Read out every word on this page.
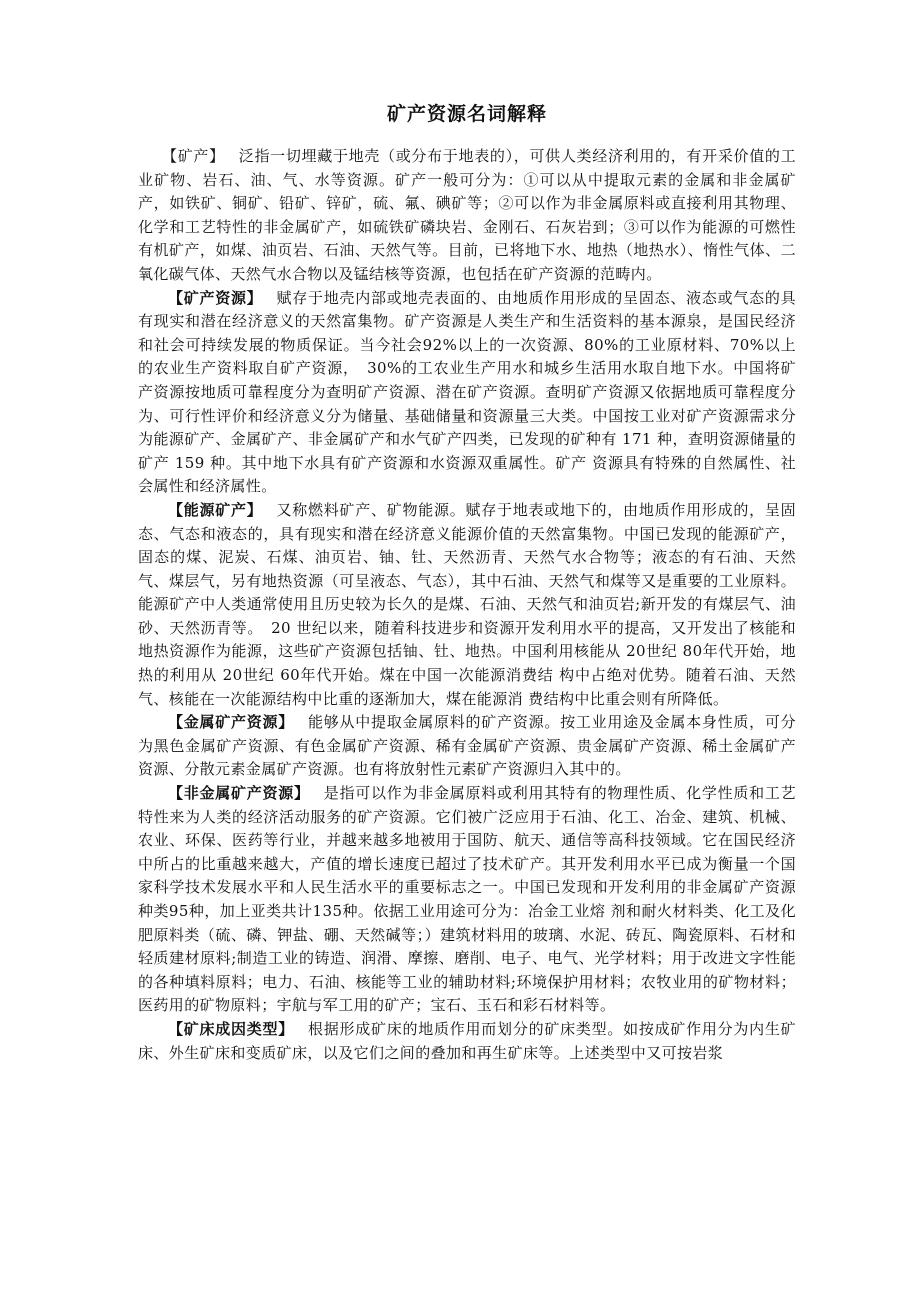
矿产资源名词解释

【矿产】 泛指一切埋藏于地壳（或分布于地表的），可供人类经济利用的，有开采价值的工业矿物、岩石、油、气、水等资源。矿产一般可分为：①可以从中提取元素的金属和非金属矿产，如铁矿、铜矿、铅矿、锌矿，硫、氟、碘矿等；②可以作为非金属原料或直接利用其物理、化学和工艺特性的非金属矿产，如硫铁矿磷块岩、金刚石、石灰岩到；③可以作为能源的可燃性有机矿产，如煤、油页岩、石油、天然气等。目前，已将地下水、地热（地热水）、惰性气体、二氧化碳气体、天然气水合物以及锰结核等资源，也包括在矿产资源的范畴内。

【矿产资源】 赋存于地壳内部或地壳表面的、由地质作用形成的呈固态、液态或气态的具有现实和潜在经济意义的天然富集物。矿产资源是人类生产和生活资料的基本源泉，是国民经济和社会可持续发展的物质保证。当今社会92%以上的一次资源、80%的工业原材料、70%以上的农业生产资料取自矿产资源，　30%的工农业生产用水和城乡生活用水取自地下水。中国将矿产资源按地质可靠程度分为查明矿产资源、潜在矿产资源。查明矿产资源又依据地质可靠程度分为、可行性评价和经济意义分为储量、基础储量和资源量三大类。中国按工业对矿产资源需求分为能源矿产、金属矿产、非金属矿产和水气矿产四类，已发现的矿种有 171 种，查明资源储量的矿产 159 种。其中地下水具有矿产资源和水资源双重属性。矿产 资源具有特殊的自然属性、社会属性和经济属性。

【能源矿产】 又称燃料矿产、矿物能源。赋存于地表或地下的，由地质作用形成的，呈固态、气态和液态的，具有现实和潜在经济意义能源价值的天然富集物。中国已发现的能源矿产，固态的煤、泥炭、石煤、油页岩、铀、钍、天然沥青、天然气水合物等；液态的有石油、天然气、煤层气，另有地热资源（可呈液态、气态），其中石油、天然气和煤等又是重要的工业原料。能源矿产中人类通常使用且历史较为长久的是煤、石油、天然气和油页岩;新开发的有煤层气、油砂、天然沥青等。　20 世纪以来，随着科技进步和资源开发利用水平的提高，又开发出了核能和地热资源作为能源，这些矿产资源包括铀、钍、地热。中国利用核能从 20世纪 80年代开始，地热的利用从 20世纪 60年代开始。煤在中国一次能源消费结 构中占绝对优势。随着石油、天然气、核能在一次能源结构中比重的逐渐加大，煤在能源消 费结构中比重会则有所降低。

【金属矿产资源】 能够从中提取金属原料的矿产资源。按工业用途及金属本身性质，可分为黑色金属矿产资源、有色金属矿产资源、稀有金属矿产资源、贵金属矿产资源、稀土金属矿产资源、分散元素金属矿产资源。也有将放射性元素矿产资源归入其中的。

【非金属矿产资源】 是指可以作为非金属原料或利用其特有的物理性质、化学性质和工艺特性来为人类的经济活动服务的矿产资源。它们被广泛应用于石油、化工、冶金、建筑、机械、农业、环保、医药等行业，并越来越多地被用于国防、航天、通信等高科技领域。它在国民经济中所占的比重越来越大，产值的增长速度已超过了技术矿产。其开发利用水平已成为衡量一个国家科学技术发展水平和人民生活水平的重要标志之一。中国已发现和开发利用的非金属矿产资源种类95种，加上亚类共计135种。依据工业用途可分为：冶金工业熔 剂和耐火材料类、化工及化肥原料类（硫、磷、钾盐、硼、天然碱等；）建筑材料用的玻璃、水泥、砖瓦、陶瓷原料、石材和轻质建材原料;制造工业的铸造、润滑、摩擦、磨削、电子、电气、光学材料；用于改进文字性能的各种填料原料；电力、石油、核能等工业的辅助材料;环境保护用材料；农牧业用的矿物材料；医药用的矿物原料；宇航与军工用的矿产；宝石、玉石和彩石材料等。

【矿床成因类型】 根据形成矿床的地质作用而划分的矿床类型。如按成矿作用分为内生矿床、外生矿床和变质矿床，以及它们之间的叠加和再生矿床等。上述类型中又可按岩浆
